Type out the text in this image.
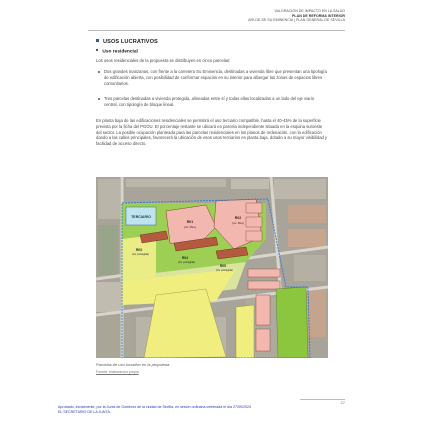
VALORACIÓN DE IMPACTO EN LA SALUD
PLAN DE REFORMA INTERIOR
ARI-DE-SE SU EMINENCIA | PLAN GENERAL DE SEVILLA
USOS LUCRATIVOS
Uso residencial
Los usos residenciales de la propuesta se distribuyen en cinco parcelas:
Dos grandes manzanas, con frente a la carretera Su Eminencia, destinadas a vivienda libre que presentan una tipología de edificación abierta, con posibilidad de conformar espacios en su interior para albergar las zonas de espacios libres comunitarios.
Tres parcelas destinadas a vivienda protegida, alineadas entre sí y todas ellas localizadas a un lado del eje viario central, con tipología de bloque lineal.
En planta baja de las edificaciones residenciales se permitirá el uso terciario compatible, hasta el 40-45% de la superficie prevista por la ficha del PGOU. El porcentaje restante se ubicará en parcela independiente situada en la esquina suroeste del sector. La posible ocupación planteada para las parcelas residenciales en los planos de ordenación, con la edificación dando a las calles principales, favorecerá la ubicación de esos usos terciarios en planta baja, dotado a su mayor visibilidad y facilidad de acceso directo.
TERCIARIO
R01
(viv. libre)
R02
(viv. libre)
R03
(viv. protegida)
R04
(viv. protegida)
R05
(viv. protegida)
Parcelas de uso lucrativo en la propuesta
Fuente: elaboración propia
27
Aprobado, inicialmente, por la Junta de Gobierno de la ciudad de Sevilla, en sesión ordinaria celebrada el día 27/09/2024
EL SECRETARIO DE LA JUNTA.
